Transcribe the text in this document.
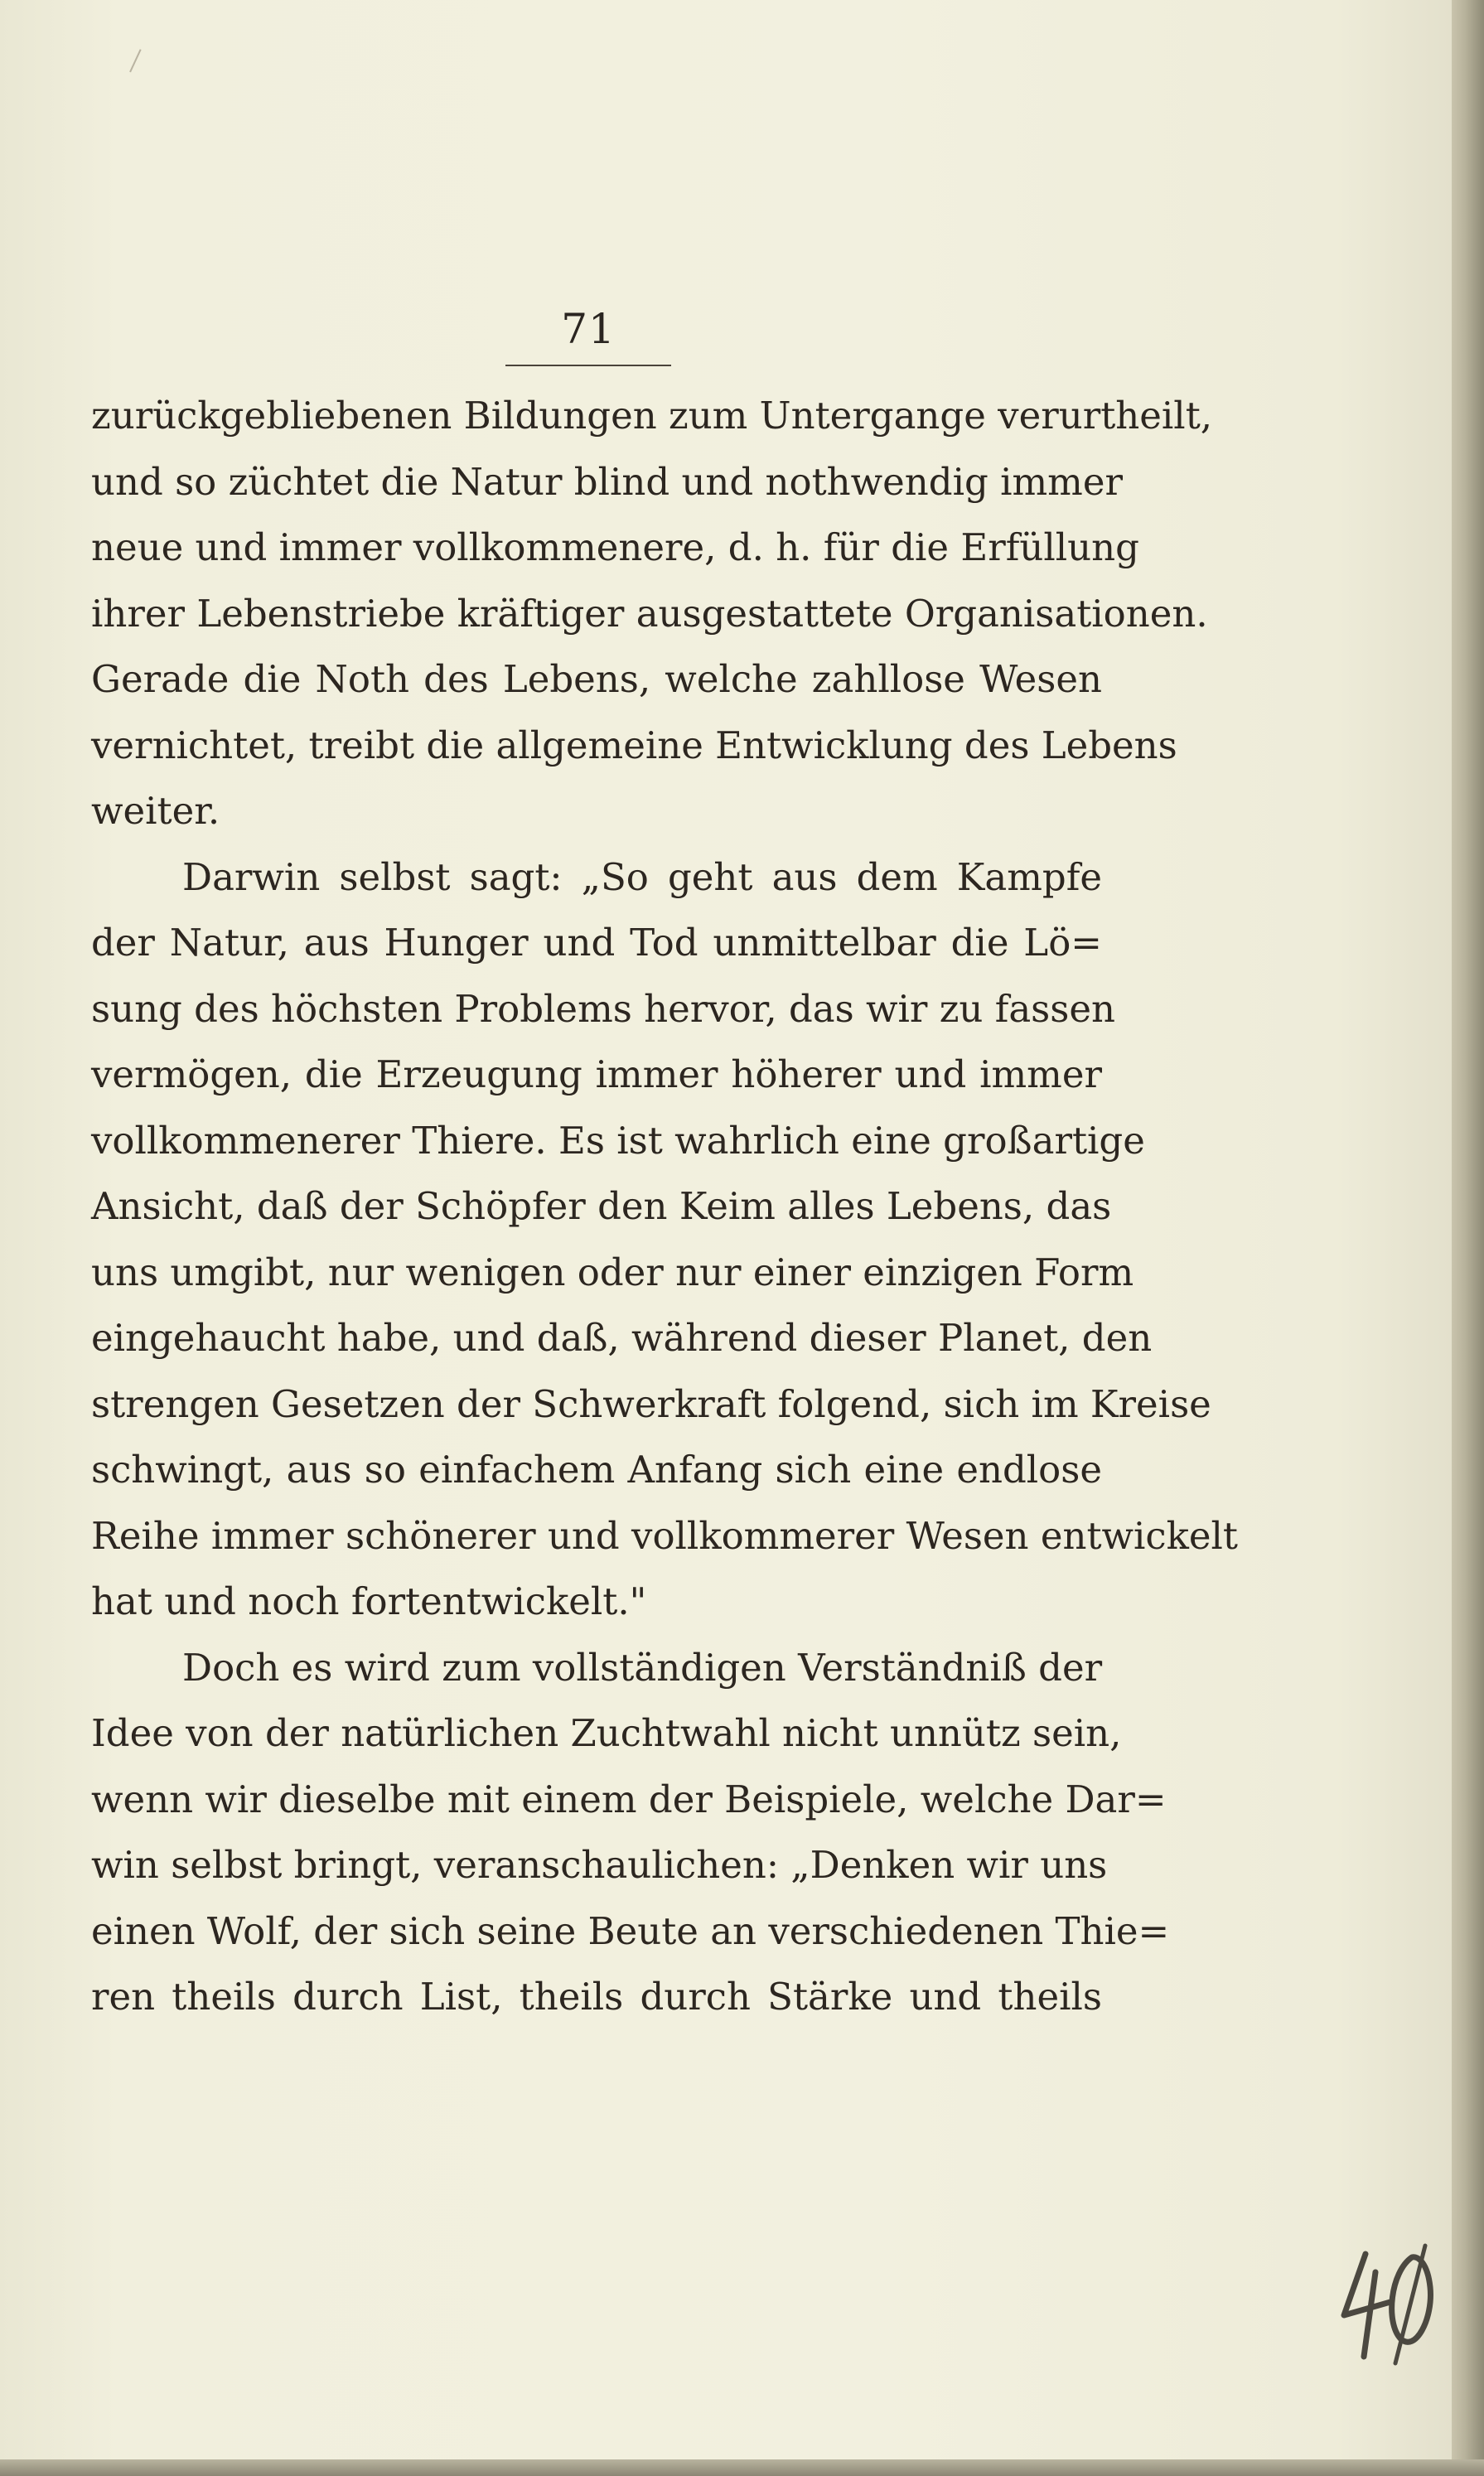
71
zurückgebliebenen Bildungen zum Untergange verurtheilt,
und so züchtet die Natur blind und nothwendig immer
neue und immer vollkommenere, d. h. für die Erfüllung
ihrer Lebenstriebe kräftiger ausgestattete Organisationen.
Gerade die Noth des Lebens, welche zahllose Wesen
vernichtet, treibt die allgemeine Entwicklung des Lebens
weiter.
Darwin selbst sagt: „So geht aus dem Kampfe
der Natur, aus Hunger und Tod unmittelbar die Lö=
sung des höchsten Problems hervor, das wir zu fassen
vermögen, die Erzeugung immer höherer und immer
vollkommenerer Thiere. Es ist wahrlich eine großartige
Ansicht, daß der Schöpfer den Keim alles Lebens, das
uns umgibt, nur wenigen oder nur einer einzigen Form
eingehaucht habe, und daß, während dieser Planet, den
strengen Gesetzen der Schwerkraft folgend, sich im Kreise
schwingt, aus so einfachem Anfang sich eine endlose
Reihe immer schönerer und vollkommerer Wesen entwickelt
hat und noch fortentwickelt."
Doch es wird zum vollständigen Verständniß der
Idee von der natürlichen Zuchtwahl nicht unnütz sein,
wenn wir dieselbe mit einem der Beispiele, welche Dar=
win selbst bringt, veranschaulichen: „Denken wir uns
einen Wolf, der sich seine Beute an verschiedenen Thie=
ren theils durch List, theils durch Stärke und theils
